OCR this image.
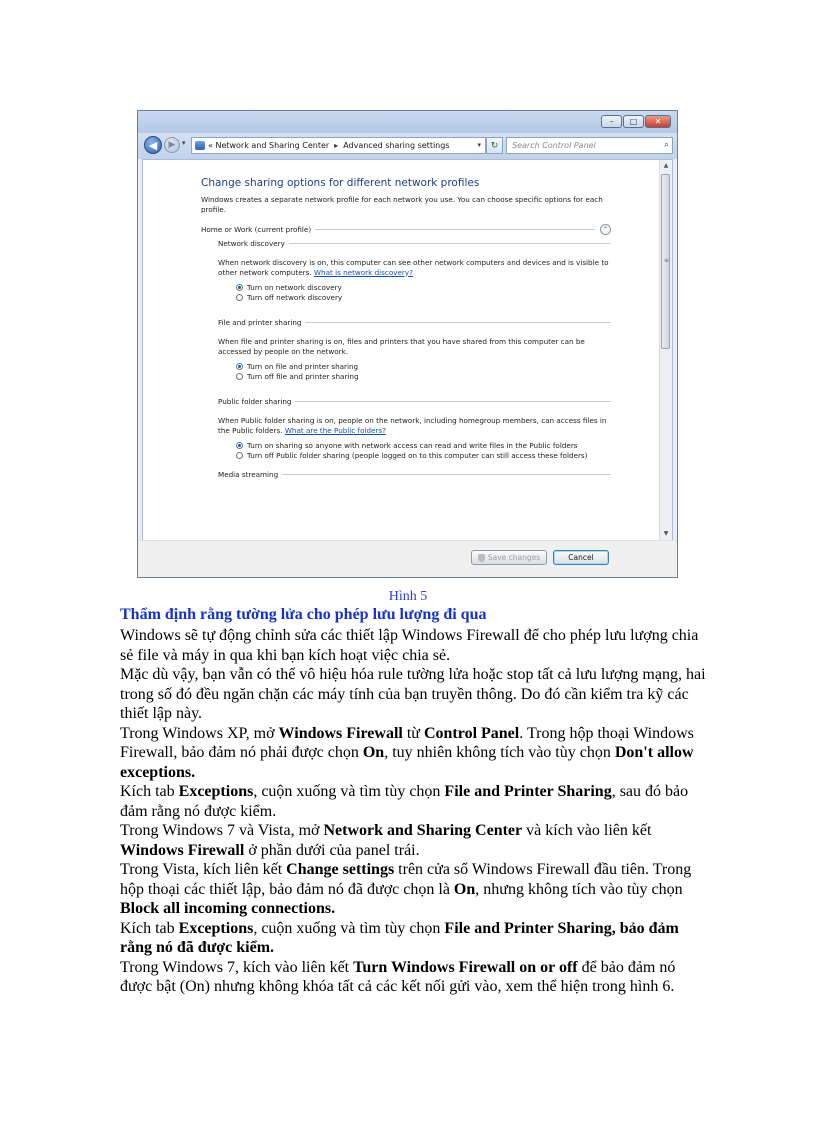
–	□	✕
◀	▶ ▾	«
Network and Sharing Center ▸ Advanced sharing settings	▾	↻	Search Control Panel	⌕
▲
≡
▼
Change sharing options for different network profiles
Windows creates a separate network profile for each network you use. You can choose specific options for each profile.
Home or Work (current profile)	⌃
Network discovery
When network discovery is on, this computer can see other network computers and devices and is visible to other network computers. What is network discovery?
Turn on network discovery
Turn off network discovery
File and printer sharing
When file and printer sharing is on, files and printers that you have shared from this computer can be accessed by people on the network.
Turn on file and printer sharing
Turn off file and printer sharing
Public folder sharing
When Public folder sharing is on, people on the network, including homegroup members, can access files in the Public folders. What are the Public folders?
Turn on sharing so anyone with network access can read and write files in the Public folders
Turn off Public folder sharing (people logged on to this computer can still access these folders)
Media streaming
Save changes	Cancel
Hình 5
Thẩm định rằng tường lửa cho phép lưu lượng đi qua

Windows sẽ tự động chỉnh sửa các thiết lập Windows Firewall để cho phép lưu lượng chia sẻ file và máy in qua khi bạn kích hoạt việc chia sẻ.

Mặc dù vậy, bạn vẫn có thể vô hiệu hóa rule tường lửa hoặc stop tất cả lưu lượng mạng, hai trong số đó đều ngăn chặn các máy tính của bạn truyền thông. Do đó cần kiểm tra kỹ các thiết lập này.

Trong Windows XP, mở Windows Firewall từ Control Panel. Trong hộp thoại Windows Firewall, bảo đảm nó phải được chọn On, tuy nhiên không tích vào tùy chọn Don't allow exceptions.

Kích tab Exceptions, cuộn xuống và tìm tùy chọn File and Printer Sharing, sau đó bảo đảm rằng nó được kiểm.

Trong Windows 7 và Vista, mở Network and Sharing Center và kích vào liên kết Windows Firewall ở phần dưới của panel trái.

Trong Vista, kích liên kết Change settings trên cửa sổ Windows Firewall đầu tiên. Trong hộp thoại các thiết lập, bảo đảm nó đã được chọn là On, nhưng không tích vào tùy chọn Block all incoming connections.

Kích tab Exceptions, cuộn xuống và tìm tùy chọn File and Printer Sharing, bảo đảm rằng nó đã được kiểm.

Trong Windows 7, kích vào liên kết Turn Windows Firewall on or off để bảo đảm nó được bật (On) nhưng không khóa tất cả các kết nối gửi vào, xem thể hiện trong hình 6.
